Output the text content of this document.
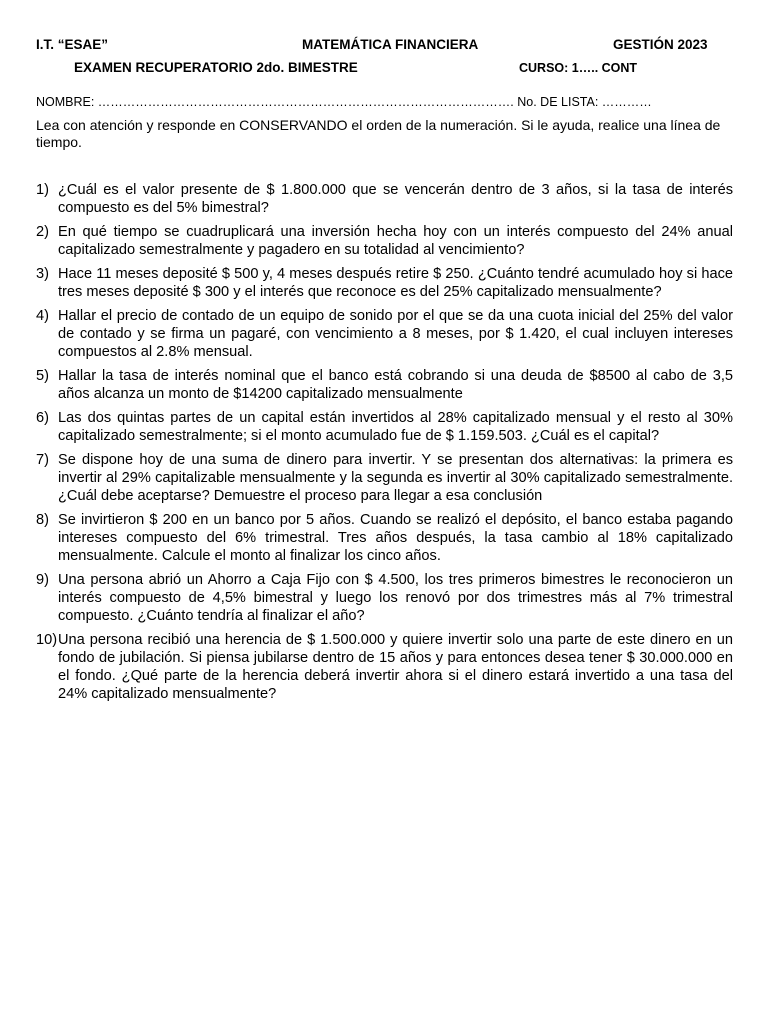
I.T. “ESAE”	MATEMÁTICA FINANCIERA	GESTIÓN 2023
EXAMEN RECUPERATORIO 2do. BIMESTRE	CURSO: 1….. CONT
NOMBRE: ………………………………………………………………………………………. No. DE LISTA: …………
Lea con atención y responde en CONSERVANDO el orden de la numeración. Si le ayuda, realice una línea de tiempo.
1) ¿Cuál es el valor presente de $ 1.800.000 que se vencerán dentro de 3 años, si la tasa de interés compuesto es del 5% bimestral?
2) En qué tiempo se cuadruplicará una inversión hecha hoy con un interés compuesto del 24% anual capitalizado semestralmente y pagadero en su totalidad al vencimiento?
3) Hace 11 meses deposité $ 500 y, 4 meses después retire $ 250. ¿Cuánto tendré acumulado hoy si hace tres meses deposité $ 300 y el interés que reconoce es del 25% capitalizado mensualmente?
4) Hallar el precio de contado de un equipo de sonido por el que se da una cuota inicial del 25% del valor de contado y se firma un pagaré, con vencimiento a 8 meses, por $ 1.420, el cual incluyen intereses compuestos al 2.8% mensual.
5) Hallar la tasa de interés nominal que el banco está cobrando si una deuda de $8500 al cabo de 3,5 años alcanza un monto de $14200 capitalizado mensualmente
6) Las dos quintas partes de un capital están invertidos al 28% capitalizado mensual y el resto al 30% capitalizado semestralmente; si el monto acumulado fue de $ 1.159.503. ¿Cuál es el capital?
7) Se dispone hoy de una suma de dinero para invertir. Y se presentan dos alternativas: la primera es invertir al 29% capitalizable mensualmente y la segunda es invertir al 30% capitalizado semestralmente. ¿Cuál debe aceptarse? Demuestre el proceso para llegar a esa conclusión
8) Se invirtieron $ 200 en un banco por 5 años. Cuando se realizó el depósito, el banco estaba pagando intereses compuesto del 6% trimestral. Tres años después, la tasa cambio al 18% capitalizado mensualmente. Calcule el monto al finalizar los cinco años.
9) Una persona abrió un Ahorro a Caja Fijo con $ 4.500, los tres primeros bimestres le reconocieron un interés compuesto de 4,5% bimestral y luego los renovó por dos trimestres más al 7% trimestral compuesto. ¿Cuánto tendría al finalizar el año?
10) Una persona recibió una herencia de $ 1.500.000 y quiere invertir solo una parte de este dinero en un fondo de jubilación. Si piensa jubilarse dentro de 15 años y para entonces desea tener $ 30.000.000 en el fondo. ¿Qué parte de la herencia deberá invertir ahora si el dinero estará invertido a una tasa del 24% capitalizado mensualmente?
